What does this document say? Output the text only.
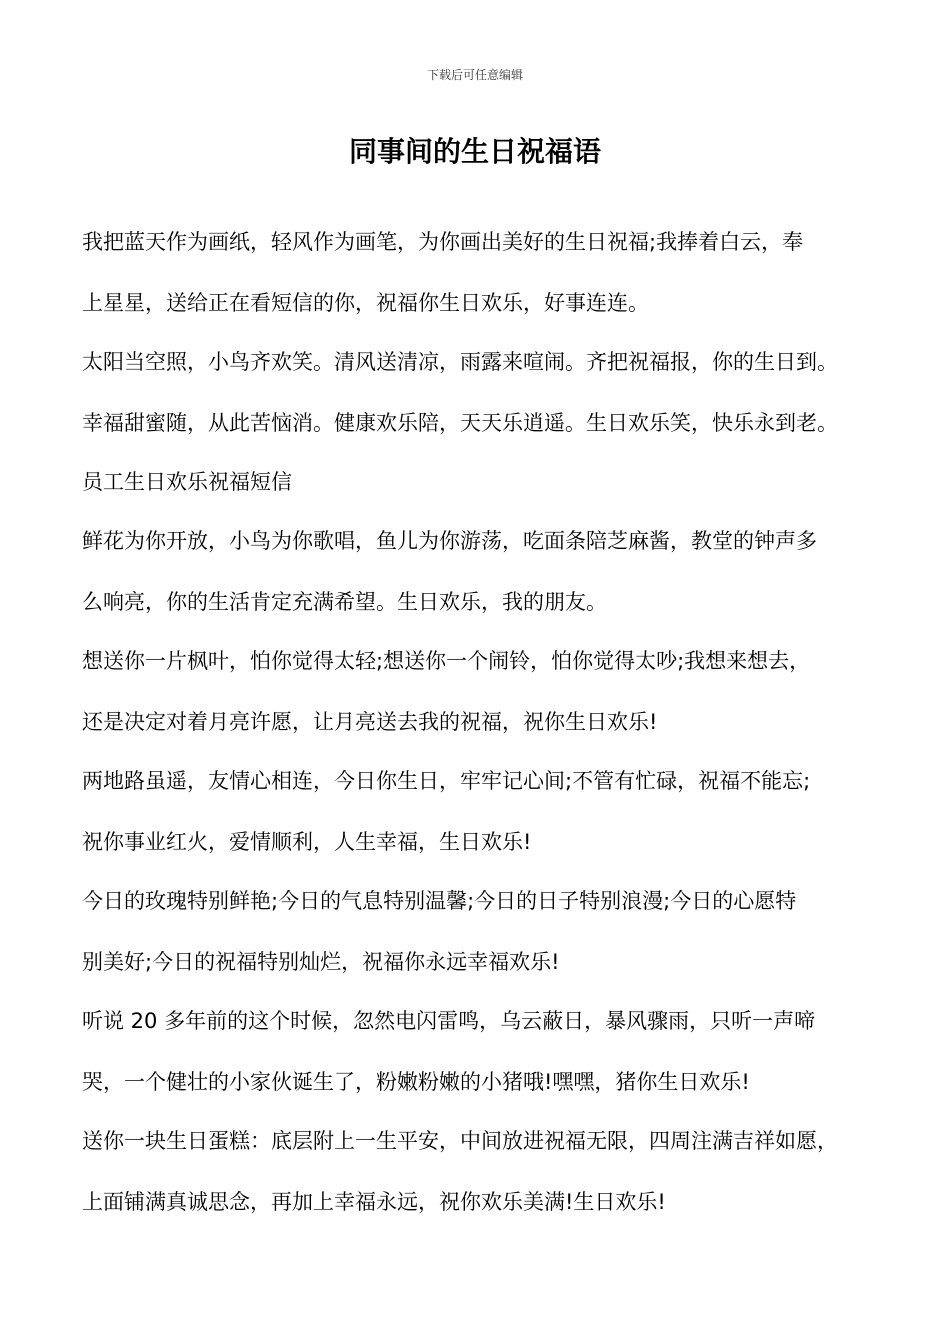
下载后可任意编辑
同事间的生日祝福语

我把蓝天作为画纸，轻风作为画笔，为你画出美好的生日祝福;我捧着白云，奉
上星星，送给正在看短信的你，祝福你生日欢乐，好事连连。

太阳当空照，小鸟齐欢笑。清风送清凉，雨露来喧闹。齐把祝福报，你的生日到。
幸福甜蜜随，从此苦恼消。健康欢乐陪，天天乐逍遥。生日欢乐笑，快乐永到老。

员工生日欢乐祝福短信

鲜花为你开放，小鸟为你歌唱，鱼儿为你游荡，吃面条陪芝麻酱，教堂的钟声多
么响亮，你的生活肯定充满希望。生日欢乐，我的朋友。

想送你一片枫叶，怕你觉得太轻;想送你一个闹铃，怕你觉得太吵;我想来想去，
还是决定对着月亮许愿，让月亮送去我的祝福，祝你生日欢乐!

两地路虽遥，友情心相连，今日你生日，牢牢记心间;不管有忙碌，祝福不能忘;
祝你事业红火，爱情顺利，人生幸福，生日欢乐!

今日的玫瑰特别鲜艳;今日的气息特别温馨;今日的日子特别浪漫;今日的心愿特
别美好;今日的祝福特别灿烂，祝福你永远幸福欢乐!

听说 20 多年前的这个时候，忽然电闪雷鸣，乌云蔽日，暴风骤雨，只听一声啼
哭，一个健壮的小家伙诞生了，粉嫩粉嫩的小猪哦!嘿嘿，猪你生日欢乐!

送你一块生日蛋糕：底层附上一生平安，中间放进祝福无限，四周注满吉祥如愿，
上面铺满真诚思念，再加上幸福永远，祝你欢乐美满!生日欢乐!
